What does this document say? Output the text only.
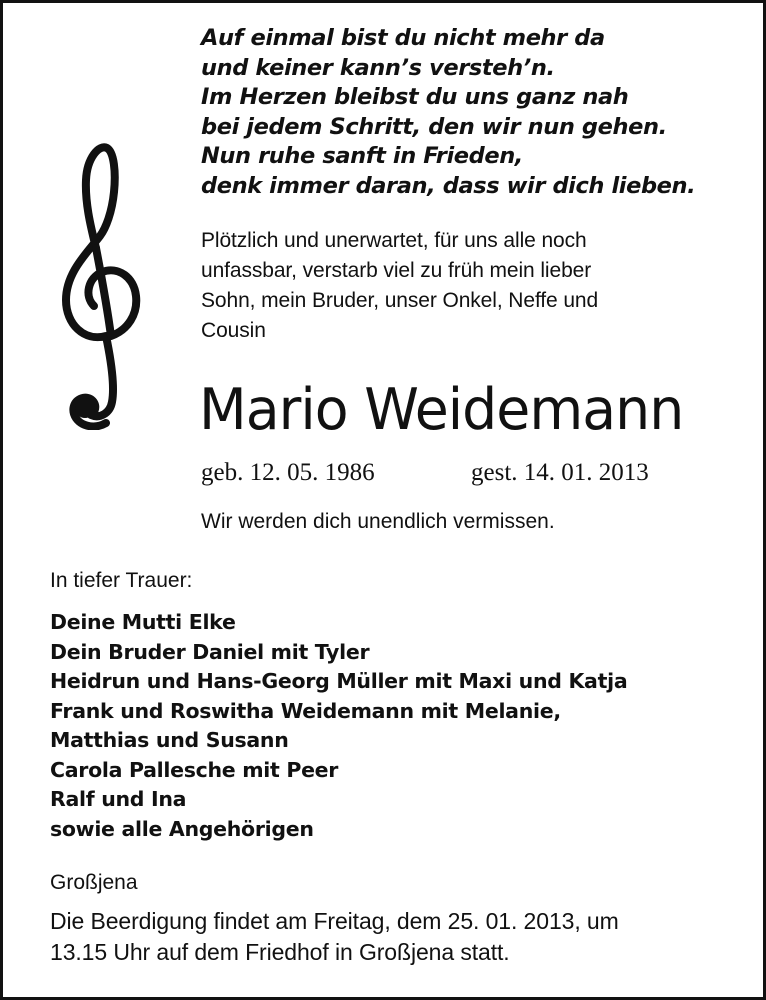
Auf einmal bist du nicht mehr da
und keiner kann’s versteh’n.
Im Herzen bleibst du uns ganz nah
bei jedem Schritt, den wir nun gehen.
Nun ruhe sanft in Frieden,
denk immer daran, dass wir dich lieben.
Plötzlich und unerwartet, für uns alle noch
unfassbar, verstarb viel zu früh mein lieber
Sohn, mein Bruder, unser Onkel, Neffe und
Cousin
Mario Weidemann
geb. 12. 05. 1986	gest. 14. 01. 2013
Wir werden dich unendlich vermissen.
In tiefer Trauer:
Deine Mutti Elke
Dein Bruder Daniel mit Tyler
Heidrun und Hans-Georg Müller mit Maxi und Katja
Frank und Roswitha Weidemann mit Melanie,
Matthias und Susann
Carola Pallesche mit Peer
Ralf und Ina
sowie alle Angehörigen
Großjena
Die Beerdigung findet am Freitag, dem 25. 01. 2013, um
13.15 Uhr auf dem Friedhof in Großjena statt.
